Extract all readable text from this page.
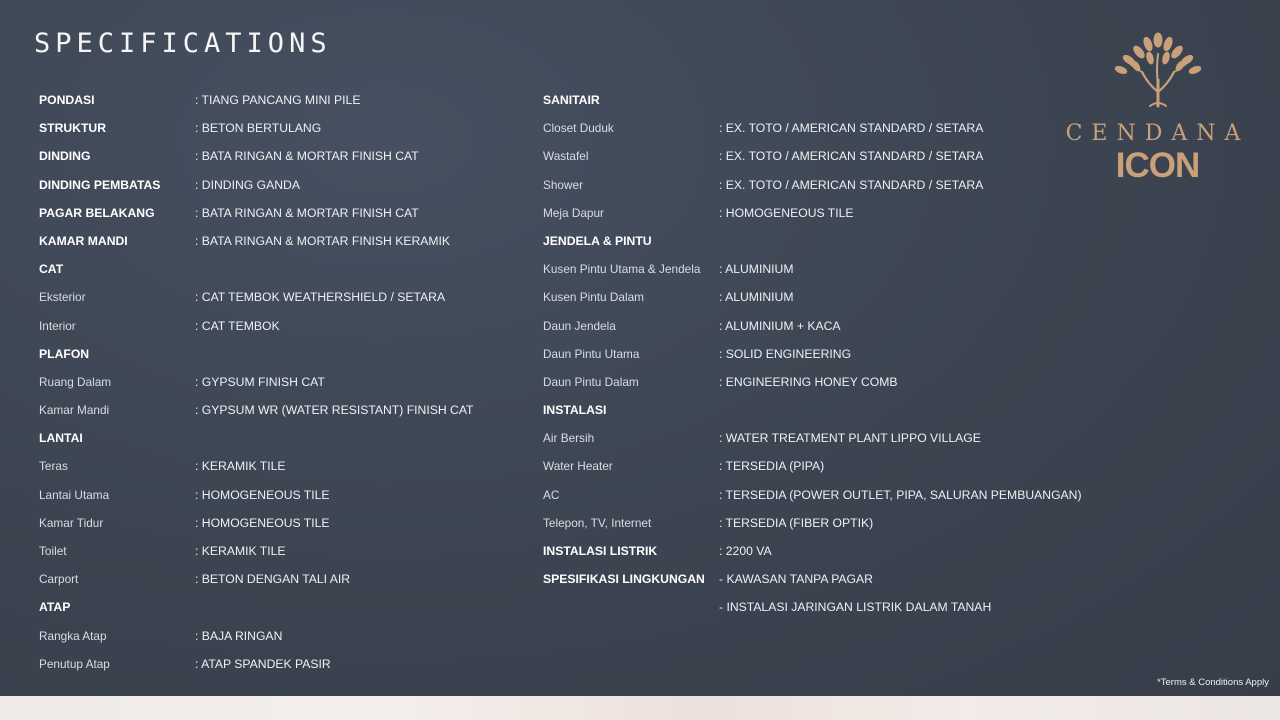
SPECIFICATIONS
PONDASI	: TIANG PANCANG MINI PILE
STRUKTUR	: BETON BERTULANG
DINDING	: BATA RINGAN & MORTAR FINISH CAT
DINDING PEMBATAS	: DINDING GANDA
PAGAR BELAKANG	: BATA RINGAN & MORTAR FINISH CAT
KAMAR MANDI	: BATA RINGAN & MORTAR FINISH KERAMIK
CAT
Eksterior	: CAT TEMBOK WEATHERSHIELD / SETARA
Interior	: CAT TEMBOK
PLAFON
Ruang Dalam	: GYPSUM FINISH CAT
Kamar Mandi	: GYPSUM WR (WATER RESISTANT) FINISH CAT
LANTAI
Teras	: KERAMIK TILE
Lantai Utama	: HOMOGENEOUS TILE
Kamar Tidur	: HOMOGENEOUS TILE
Toilet	: KERAMIK TILE
Carport	: BETON DENGAN TALI AIR
ATAP
Rangka Atap	: BAJA RINGAN
Penutup Atap	: ATAP SPANDEK PASIR
SANITAIR
Closet Duduk	: EX. TOTO / AMERICAN STANDARD / SETARA
Wastafel	: EX. TOTO / AMERICAN STANDARD / SETARA
Shower	: EX. TOTO / AMERICAN STANDARD / SETARA
Meja Dapur	: HOMOGENEOUS TILE
JENDELA & PINTU
Kusen Pintu Utama & Jendela : ALUMINIUM
Kusen Pintu Dalam	: ALUMINIUM
Daun Jendela	: ALUMINIUM + KACA
Daun Pintu Utama	: SOLID ENGINEERING
Daun Pintu Dalam	: ENGINEERING HONEY COMB
INSTALASI
Air Bersih	: WATER TREATMENT PLANT LIPPO VILLAGE
Water Heater	: TERSEDIA (PIPA)
AC	: TERSEDIA (POWER OUTLET, PIPA, SALURAN PEMBUANGAN)
Telepon, TV, Internet	: TERSEDIA (FIBER OPTIK)
INSTALASI LISTRIK	: 2200 VA
SPESIFIKASI LINGKUNGAN - KAWASAN TANPA PAGAR
- INSTALASI JARINGAN LISTRIK DALAM TANAH
CENDANA
ICON
*Terms & Conditions Apply
